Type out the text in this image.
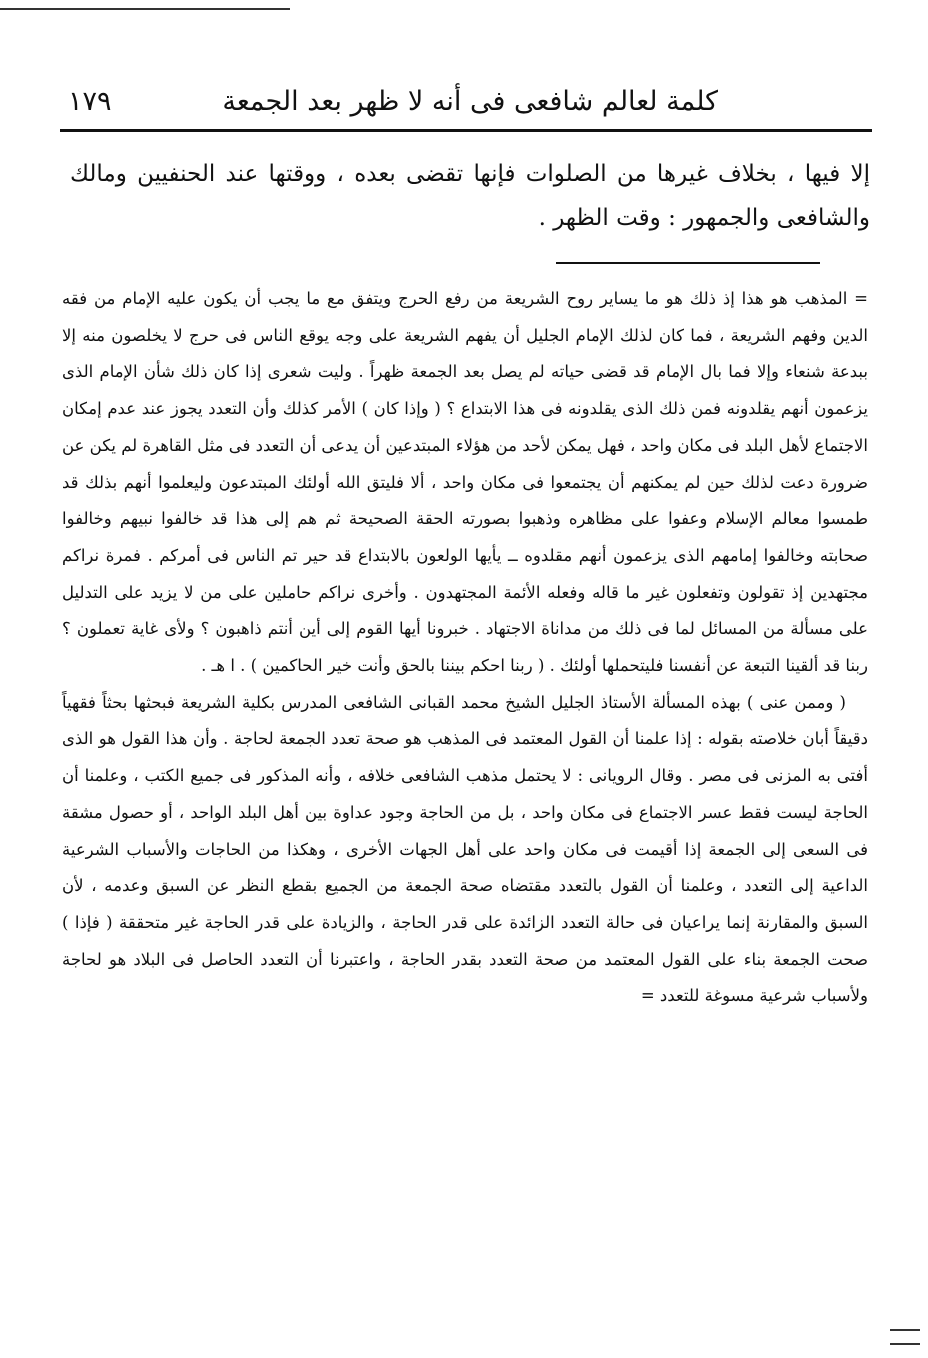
كلمة لعالم شافعى فى أنه لا ظهر بعد الجمعة
١٧٩

إلا فيها ، بخلاف غيرها من الصلوات فإنها تقضى بعده ، ووقتها عند الحنفيين ومالك والشافعى والجمهور : وقت الظهر .

= المذهب هو هذا إذ ذلك هو ما يساير روح الشريعة من رفع الحرج ويتفق مع ما يجب أن يكون عليه الإمام من فقه الدين وفهم الشريعة ، فما كان لذلك الإمام الجليل أن يفهم الشريعة على وجه يوقع الناس فى حرج لا يخلصون منه إلا ببدعة شنعاء وإلا فما بال الإمام قد قضى حياته لم يصل بعد الجمعة ظهراً . وليت شعرى إذا كان ذلك شأن الإمام الذى يزعمون أنهم يقلدونه فمن ذلك الذى يقلدونه فى هذا الابتداع ؟ ( وإذا كان ) الأمر كذلك وأن التعدد يجوز عند عدم إمكان الاجتماع لأهل البلد فى مكان واحد ، فهل يمكن لأحد من هؤلاء المبتدعين أن يدعى أن التعدد فى مثل القاهرة لم يكن عن ضرورة دعت لذلك حين لم يمكنهم أن يجتمعوا فى مكان واحد ، ألا فليتق الله أولئك المبتدعون وليعلموا أنهم بذلك قد طمسوا معالم الإسلام وعفوا على مظاهره وذهبوا بصورته الحقة الصحيحة ثم هم إلى هذا قد خالفوا نبيهم وخالفوا صحابته وخالفوا إمامهم الذى يزعمون أنهم مقلدوه ــ يأيها الولعون بالابتداع قد حير تم الناس فى أمركم . فمرة نراكم مجتهدين إذ تقولون وتفعلون غير ما قاله وفعله الأئمة المجتهدون . وأخرى نراكم حاملين على من لا يزيد على التدليل على مسألة من المسائل لما فى ذلك من مداناة الاجتهاد . خبرونا أيها القوم إلى أين أنتم ذاهبون ؟ ولأى غاية تعملون ؟ ربنا قد ألقينا التبعة عن أنفسنا فليتحملها أولئك . ( ربنا احكم بيننا بالحق وأنت خير الحاكمين ) . ا هـ .

( وممن عنى ) بهذه المسألة الأستاذ الجليل الشيخ محمد القبانى الشافعى المدرس بكلية الشريعة فبحثها بحثاً فقهياً دقيقاً أبان خلاصته بقوله : إذا علمنا أن القول المعتمد فى المذهب هو صحة تعدد الجمعة لحاجة . وأن هذا القول هو الذى أفتى به المزنى فى مصر . وقال الرويانى : لا يحتمل مذهب الشافعى خلافه ، وأنه المذكور فى جميع الكتب ، وعلمنا أن الحاجة ليست فقط عسر الاجتماع فى مكان واحد ، بل من الحاجة وجود عداوة بين أهل البلد الواحد ، أو حصول مشقة فى السعى إلى الجمعة إذا أقيمت فى مكان واحد على أهل الجهات الأخرى ، وهكذا من الحاجات والأسباب الشرعية الداعية إلى التعدد ، وعلمنا أن القول بالتعدد مقتضاه صحة الجمعة من الجميع بقطع النظر عن السبق وعدمه ، لأن السبق والمقارنة إنما يراعيان فى حالة التعدد الزائدة على قدر الحاجة ، والزيادة على قدر الحاجة غير متحققة ( فإذا ) صحت الجمعة بناء على القول المعتمد من صحة التعدد بقدر الحاجة ، واعتبرنا أن التعدد الحاصل فى البلاد هو لحاجة ولأسباب شرعية مسوغة للتعدد =
